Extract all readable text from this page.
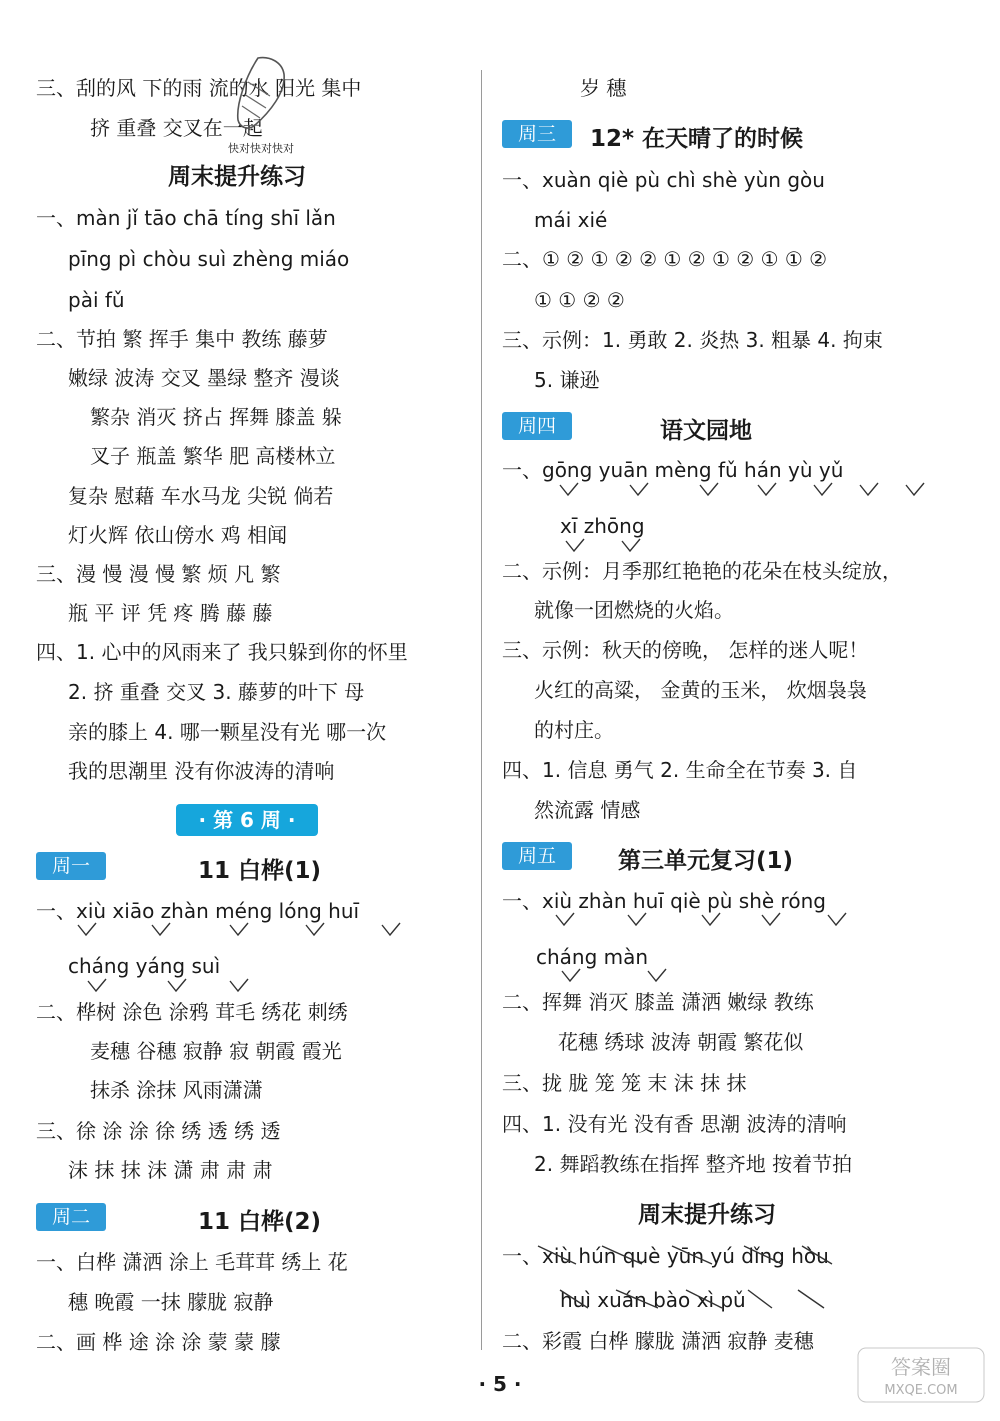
三、刮的风 下的雨 流的水 阳光 集中
挤 重叠 交叉在一起
快对快对快对
周末提升练习
一、màn jǐ tāo chā tíng shī lǎn
pīng pì chòu suì zhèng miáo
pài fǔ
二、节拍 繁 挥手 集中 教练 藤萝
嫩绿 波涛 交叉 墨绿 整齐 漫谈
繁杂 消灭 挤占 挥舞 膝盖 躲
叉子 瓶盖 繁华 肥 高楼林立
复杂 慰藉 车水马龙 尖锐 倘若
灯火辉 依山傍水 鸡 相闻
三、漫 慢 漫 慢 繁 烦 凡 繁
瓶 平 评 凭 疼 腾 藤 藤
四、1. 心中的风雨来了 我只躲到你的怀里
2. 挤 重叠 交叉 3. 藤萝的叶下 母
亲的膝上 4. 哪一颗星没有光 哪一次
我的思潮里 没有你波涛的清响
· 第 6 周 ·
周一	11 白桦(1)
一、xiù xiāo zhàn méng lóng huī
cháng yáng suì
二、桦树 涂色 涂鸦 茸毛 绣花 刺绣
麦穗 谷穗 寂静 寂 朝霞 霞光
抹杀 涂抹 风雨潇潇
三、徐 涂 涂 徐 绣 透 绣 透
沫 抹 抹 沫 潇 肃 肃 肃
周二	11 白桦(2)
一、白桦 潇洒 涂上 毛茸茸 绣上 花
穗 晚霞 一抹 朦胧 寂静
二、画 桦 途 涂 涂 蒙 蒙 朦
岁 穗
周三	12* 在天晴了的时候
一、xuàn qiè pù chì shè yùn gòu
mái xié
二、① ② ① ② ② ① ② ① ② ① ① ②
① ① ② ②
三、示例：1. 勇敢 2. 炎热 3. 粗暴 4. 拘束
5. 谦逊
周四	语文园地
一、gōng yuān mèng fǔ hán yù yǔ
xī zhōng
二、示例：月季那红艳艳的花朵在枝头绽放，
就像一团燃烧的火焰。
三、示例：秋天的傍晚， 怎样的迷人呢！
火红的高粱， 金黄的玉米， 炊烟袅袅
的村庄。
四、1. 信息 勇气 2. 生命全在节奏 3. 自
然流露 情感
周五	第三单元复习(1)
一、xiù zhàn huī qiè pù shè róng
cháng màn
二、挥舞 消灭 膝盖 潇洒 嫩绿 教练
花穗 绣球 波涛 朝霞 繁花似
三、拢 胧 笼 笼 末 沫 抹 抹
四、1. 没有光 没有香 思潮 波涛的清响
2. 舞蹈教练在指挥 整齐地 按着节拍
周末提升练习
一、xiù hún què yūn yú dǐng hòu
huì xuán bào xì pǔ
二、彩霞 白桦 朦胧 潇洒 寂静 麦穗
答案圈
MXQE.COM
· 5 ·
